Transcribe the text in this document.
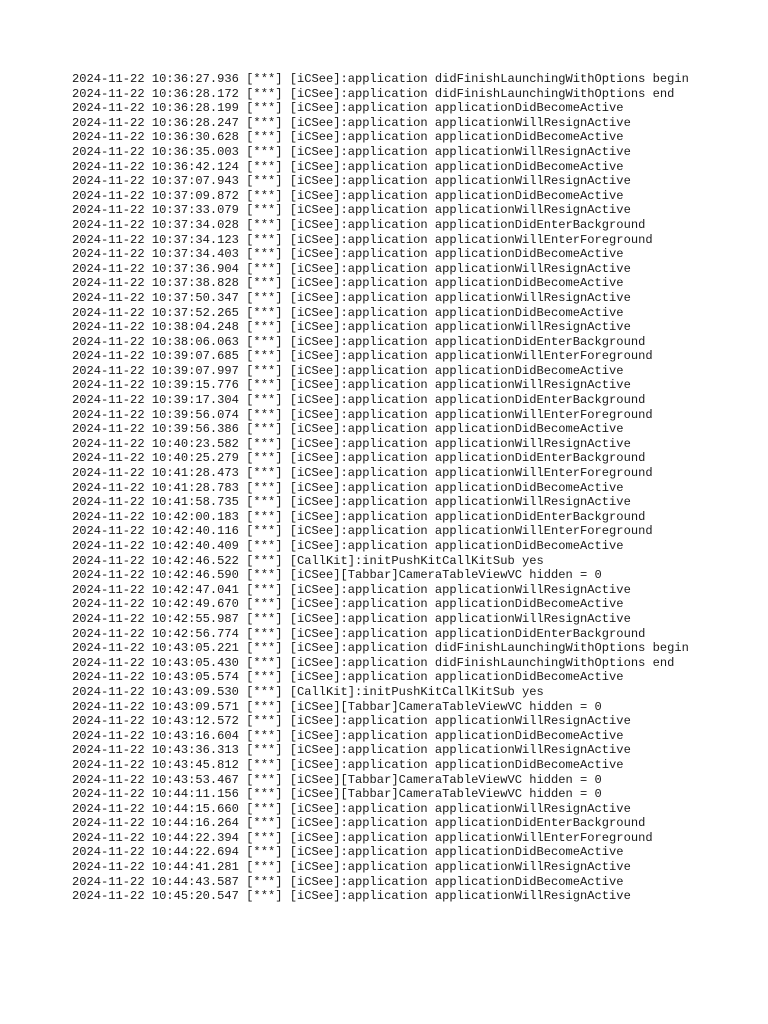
2024-11-22 10:36:27.936 [***] [iCSee]:application didFinishLaunchingWithOptions begin
2024-11-22 10:36:28.172 [***] [iCSee]:application didFinishLaunchingWithOptions end
2024-11-22 10:36:28.199 [***] [iCSee]:application applicationDidBecomeActive
2024-11-22 10:36:28.247 [***] [iCSee]:application applicationWillResignActive
2024-11-22 10:36:30.628 [***] [iCSee]:application applicationDidBecomeActive
2024-11-22 10:36:35.003 [***] [iCSee]:application applicationWillResignActive
2024-11-22 10:36:42.124 [***] [iCSee]:application applicationDidBecomeActive
2024-11-22 10:37:07.943 [***] [iCSee]:application applicationWillResignActive
2024-11-22 10:37:09.872 [***] [iCSee]:application applicationDidBecomeActive
2024-11-22 10:37:33.079 [***] [iCSee]:application applicationWillResignActive
2024-11-22 10:37:34.028 [***] [iCSee]:application applicationDidEnterBackground
2024-11-22 10:37:34.123 [***] [iCSee]:application applicationWillEnterForeground
2024-11-22 10:37:34.403 [***] [iCSee]:application applicationDidBecomeActive
2024-11-22 10:37:36.904 [***] [iCSee]:application applicationWillResignActive
2024-11-22 10:37:38.828 [***] [iCSee]:application applicationDidBecomeActive
2024-11-22 10:37:50.347 [***] [iCSee]:application applicationWillResignActive
2024-11-22 10:37:52.265 [***] [iCSee]:application applicationDidBecomeActive
2024-11-22 10:38:04.248 [***] [iCSee]:application applicationWillResignActive
2024-11-22 10:38:06.063 [***] [iCSee]:application applicationDidEnterBackground
2024-11-22 10:39:07.685 [***] [iCSee]:application applicationWillEnterForeground
2024-11-22 10:39:07.997 [***] [iCSee]:application applicationDidBecomeActive
2024-11-22 10:39:15.776 [***] [iCSee]:application applicationWillResignActive
2024-11-22 10:39:17.304 [***] [iCSee]:application applicationDidEnterBackground
2024-11-22 10:39:56.074 [***] [iCSee]:application applicationWillEnterForeground
2024-11-22 10:39:56.386 [***] [iCSee]:application applicationDidBecomeActive
2024-11-22 10:40:23.582 [***] [iCSee]:application applicationWillResignActive
2024-11-22 10:40:25.279 [***] [iCSee]:application applicationDidEnterBackground
2024-11-22 10:41:28.473 [***] [iCSee]:application applicationWillEnterForeground
2024-11-22 10:41:28.783 [***] [iCSee]:application applicationDidBecomeActive
2024-11-22 10:41:58.735 [***] [iCSee]:application applicationWillResignActive
2024-11-22 10:42:00.183 [***] [iCSee]:application applicationDidEnterBackground
2024-11-22 10:42:40.116 [***] [iCSee]:application applicationWillEnterForeground
2024-11-22 10:42:40.409 [***] [iCSee]:application applicationDidBecomeActive
2024-11-22 10:42:46.522 [***] [CallKit]:initPushKitCallKitSub yes
2024-11-22 10:42:46.590 [***] [iCSee][Tabbar]CameraTableViewVC hidden = 0
2024-11-22 10:42:47.041 [***] [iCSee]:application applicationWillResignActive
2024-11-22 10:42:49.670 [***] [iCSee]:application applicationDidBecomeActive
2024-11-22 10:42:55.987 [***] [iCSee]:application applicationWillResignActive
2024-11-22 10:42:56.774 [***] [iCSee]:application applicationDidEnterBackground
2024-11-22 10:43:05.221 [***] [iCSee]:application didFinishLaunchingWithOptions begin
2024-11-22 10:43:05.430 [***] [iCSee]:application didFinishLaunchingWithOptions end
2024-11-22 10:43:05.574 [***] [iCSee]:application applicationDidBecomeActive
2024-11-22 10:43:09.530 [***] [CallKit]:initPushKitCallKitSub yes
2024-11-22 10:43:09.571 [***] [iCSee][Tabbar]CameraTableViewVC hidden = 0
2024-11-22 10:43:12.572 [***] [iCSee]:application applicationWillResignActive
2024-11-22 10:43:16.604 [***] [iCSee]:application applicationDidBecomeActive
2024-11-22 10:43:36.313 [***] [iCSee]:application applicationWillResignActive
2024-11-22 10:43:45.812 [***] [iCSee]:application applicationDidBecomeActive
2024-11-22 10:43:53.467 [***] [iCSee][Tabbar]CameraTableViewVC hidden = 0
2024-11-22 10:44:11.156 [***] [iCSee][Tabbar]CameraTableViewVC hidden = 0
2024-11-22 10:44:15.660 [***] [iCSee]:application applicationWillResignActive
2024-11-22 10:44:16.264 [***] [iCSee]:application applicationDidEnterBackground
2024-11-22 10:44:22.394 [***] [iCSee]:application applicationWillEnterForeground
2024-11-22 10:44:22.694 [***] [iCSee]:application applicationDidBecomeActive
2024-11-22 10:44:41.281 [***] [iCSee]:application applicationWillResignActive
2024-11-22 10:44:43.587 [***] [iCSee]:application applicationDidBecomeActive
2024-11-22 10:45:20.547 [***] [iCSee]:application applicationWillResignActive
